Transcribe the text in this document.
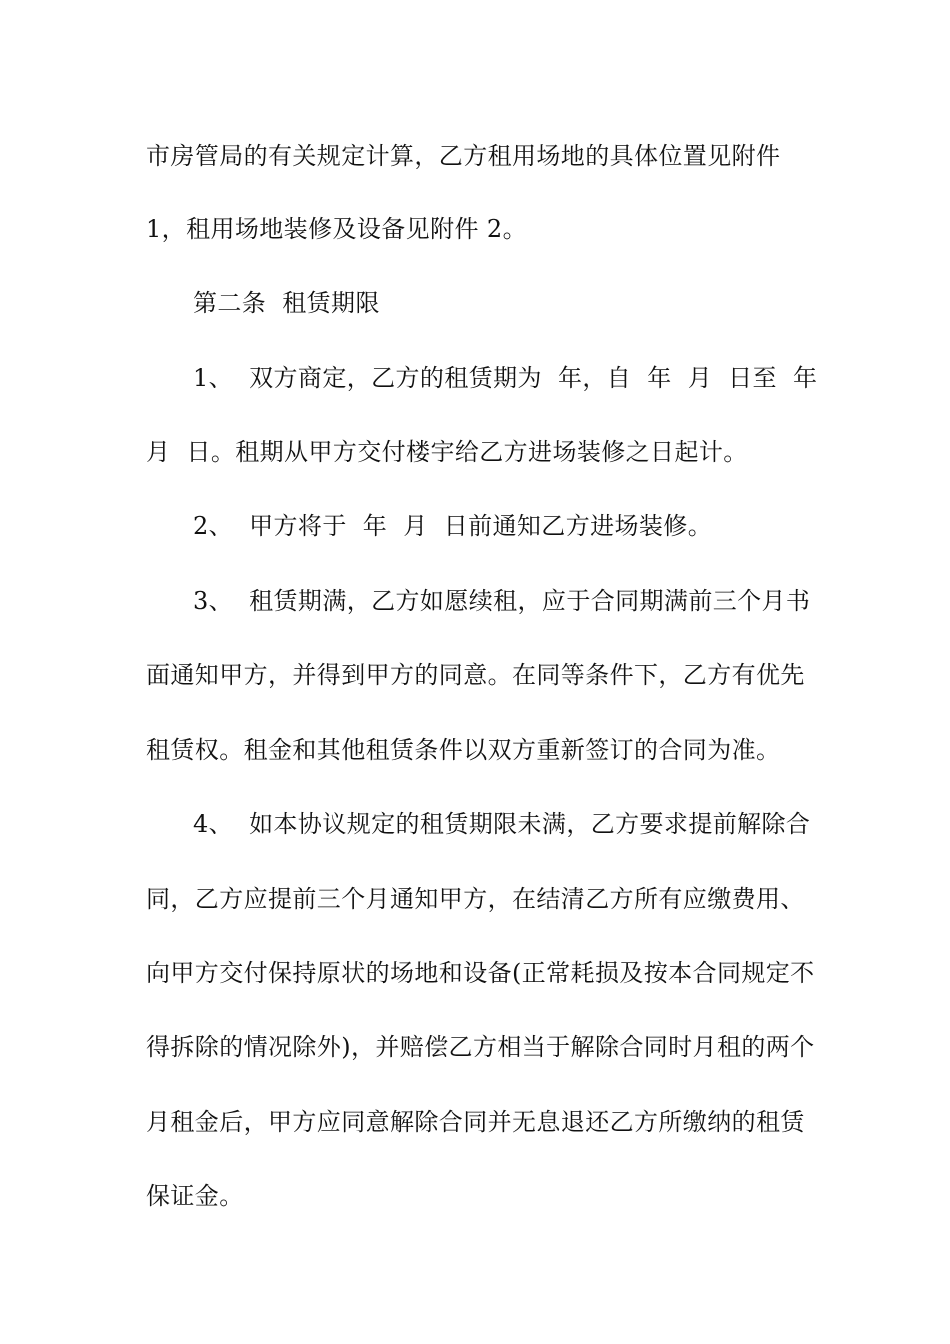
市房管局的有关规定计算，乙方租用场地的具体位置见附件
1，租用场地装修及设备见附件 2。
第二条  租赁期限
1、  双方商定，乙方的租赁期为  年，自  年  月  日至  年
月  日。租期从甲方交付楼宇给乙方进场装修之日起计。
2、  甲方将于  年  月  日前通知乙方进场装修。
3、  租赁期满，乙方如愿续租，应于合同期满前三个月书
面通知甲方，并得到甲方的同意。在同等条件下，乙方有优先
租赁权。租金和其他租赁条件以双方重新签订的合同为准。
4、  如本协议规定的租赁期限未满，乙方要求提前解除合
同，乙方应提前三个月通知甲方，在结清乙方所有应缴费用、
向甲方交付保持原状的场地和设备(正常耗损及按本合同规定不
得拆除的情况除外)，并赔偿乙方相当于解除合同时月租的两个
月租金后，甲方应同意解除合同并无息退还乙方所缴纳的租赁
保证金。
